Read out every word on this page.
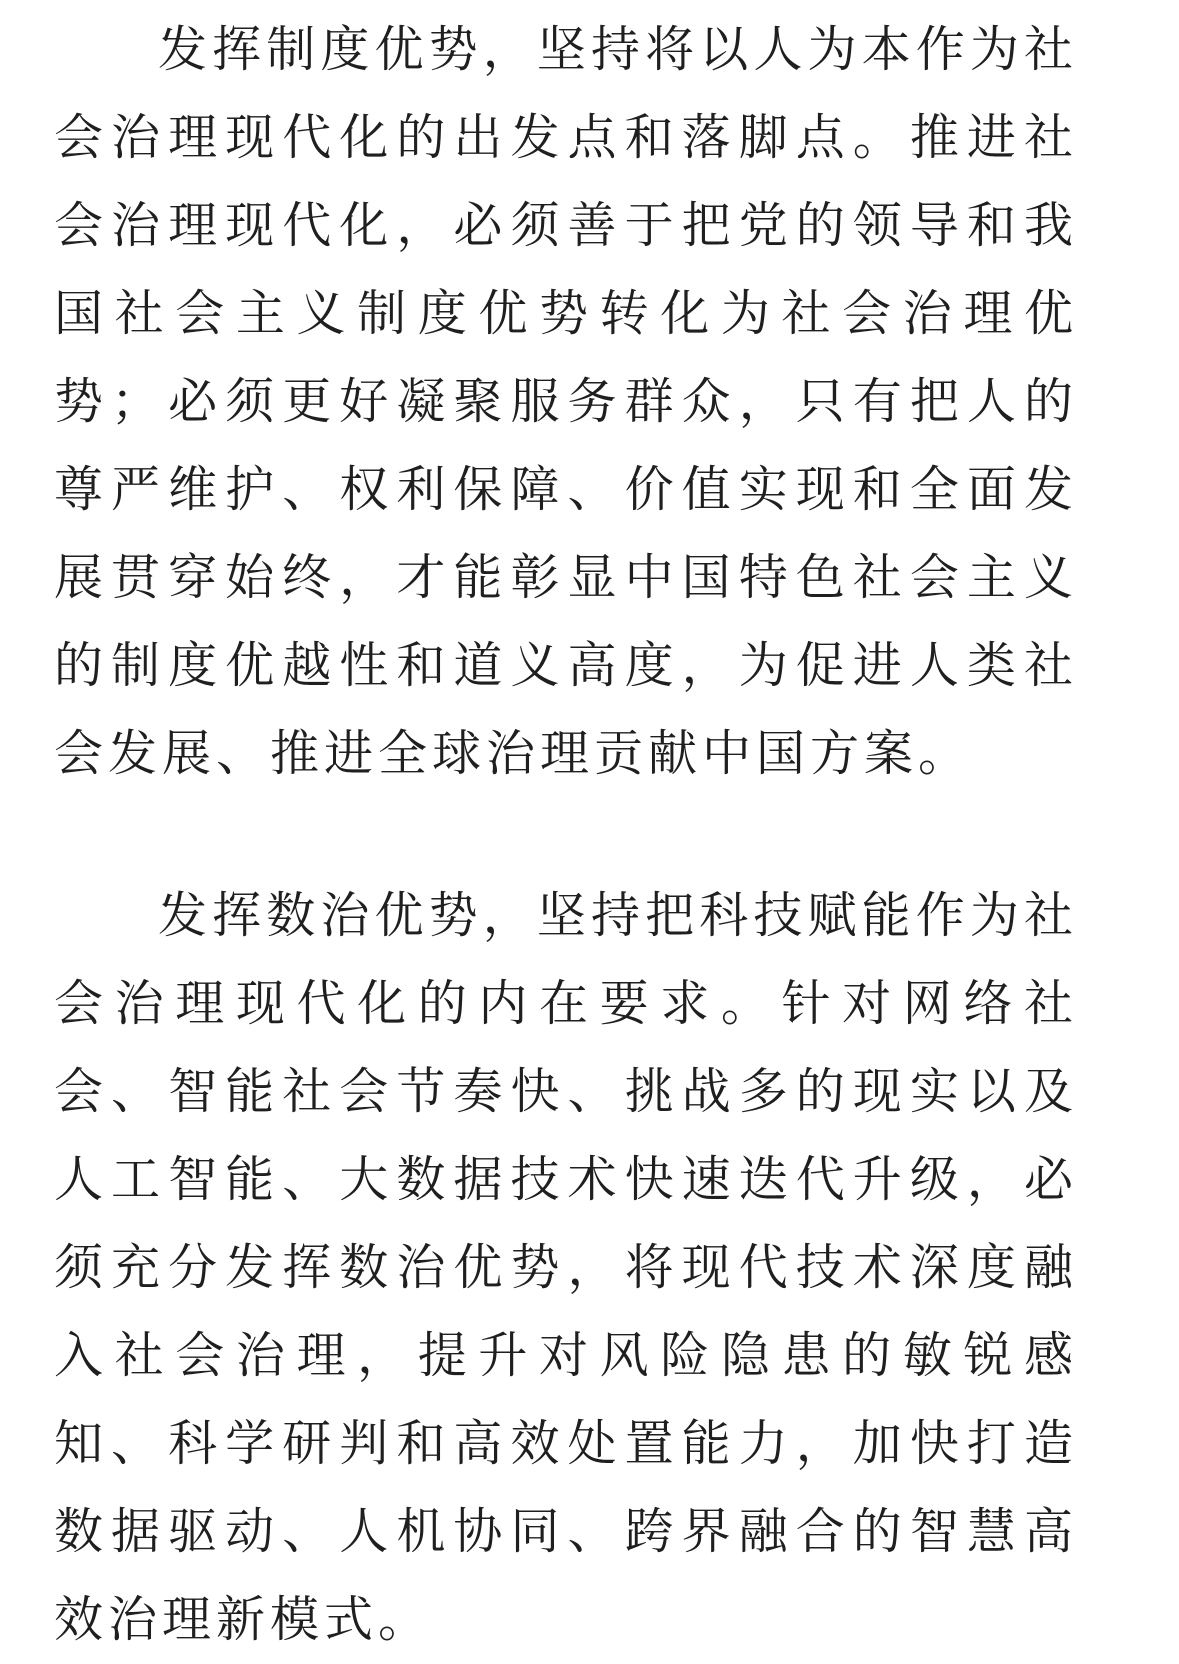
发挥制度优势，坚持将以人为本作为社会治理现代化的出发点和落脚点。推进社会治理现代化，必须善于把党的领导和我国社会主义制度优势转化为社会治理优势；必须更好凝聚服务群众，只有把人的尊严维护、权利保障、价值实现和全面发展贯穿始终，才能彰显中国特色社会主义的制度优越性和道义高度，为促进人类社会发展、推进全球治理贡献中国方案。

发挥数治优势，坚持把科技赋能作为社会治理现代化的内在要求。针对网络社会、智能社会节奏快、挑战多的现实以及人工智能、大数据技术快速迭代升级，必须充分发挥数治优势，将现代技术深度融入社会治理，提升对风险隐患的敏锐感知、科学研判和高效处置能力，加快打造数据驱动、人机协同、跨界融合的智慧高效治理新模式。
